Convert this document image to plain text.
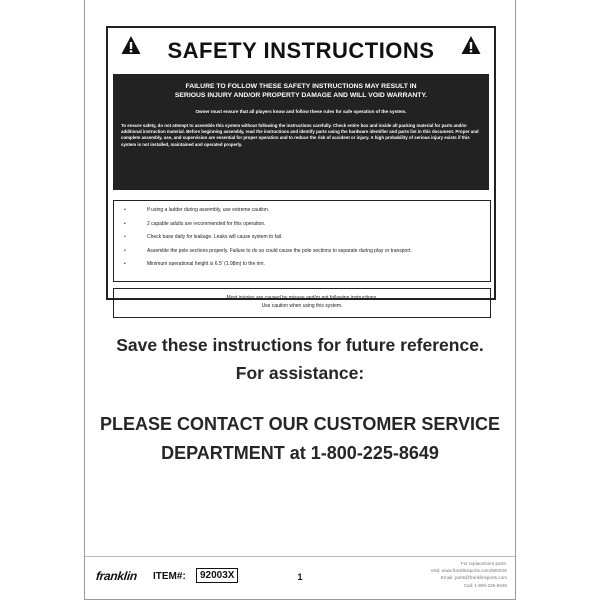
SAFETY INSTRUCTIONS
FAILURE TO FOLLOW THESE SAFETY INSTRUCTIONS MAY RESULT IN
SERIOUS INJURY AND/OR PROPERTY DAMAGE AND WILL VOID WARRANTY.
Owner must ensure that all players know and follow these rules for safe operation of the system.
To ensure safety, do not attempt to assemble this system without following the instructions carefully. Check entire box and inside all packing material for parts and/or additional instruction material. Before beginning assembly, read the instructions and identify parts using the hardware identifier and parts list in this document. Proper and complete assembly, use, and supervision are essential for proper operation and to reduce the risk of accident or injury. A high probability of serious injury exists if this system is not installed, maintained and operated properly.
•	If using a ladder during assembly, use extreme caution.
•	2 capable adults are recommended for this operation.
•	Check base daily for leakage. Leaks will cause system to fail.
•	Assemble the pole sections properly. Failure to do so could cause the pole sections to separate during play or transport.
•	Minimum operational height is 6.5' (1.98m) to the rim.
Most injuries are caused by misuse and/or not following instructions.
Use caution when using this system.
Save these instructions for future reference.
For assistance:
PLEASE CONTACT OUR CUSTOMER SERVICE
DEPARTMENT at 1-800-225-8649
franklin ITEM#:	92003X	1
For replacement parts:
Visit: www.franklinsports.com/90003X
Email: parts@franklinsports.com
Call: 1-800-225-8649
